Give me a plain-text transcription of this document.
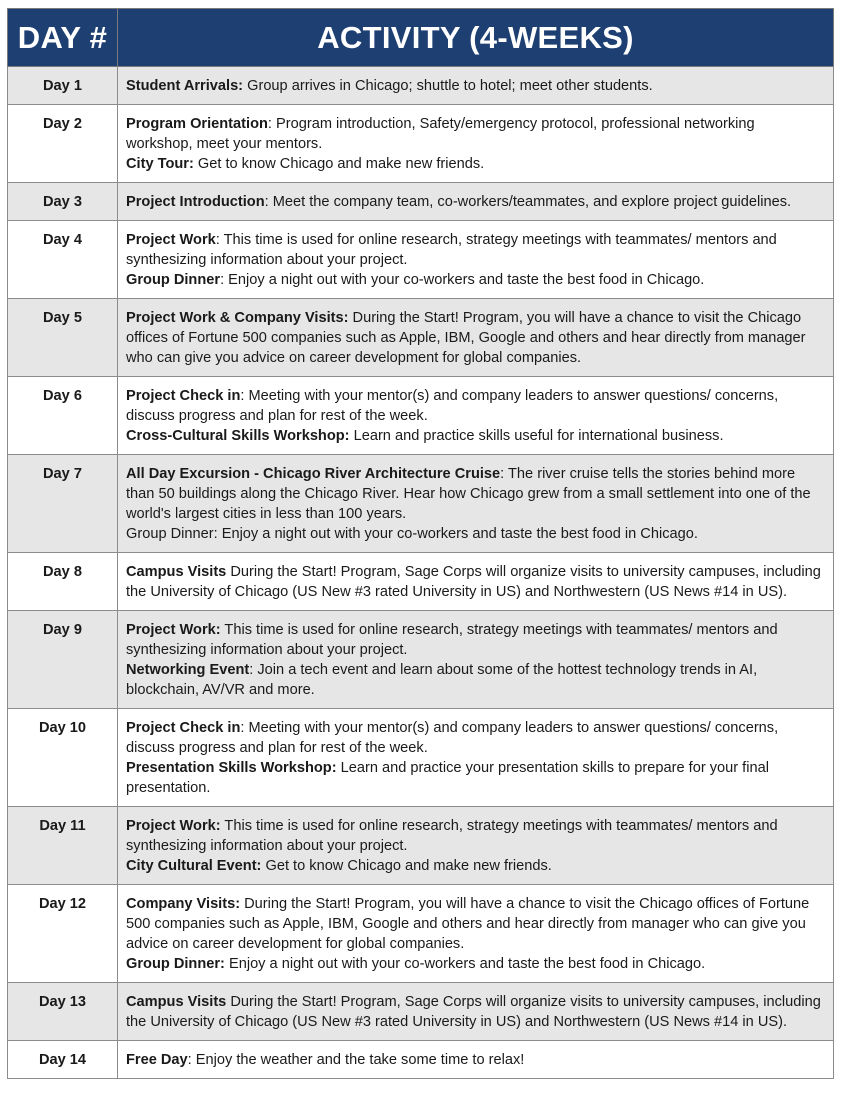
DAY #	ACTIVITY (4-WEEKS)
Day 1	Student Arrivals: Group arrives in Chicago; shuttle to hotel; meet other students.

Day 2	Program Orientation: Program introduction, Safety/emergency protocol, professional networking workshop, meet your mentors.
City Tour: Get to know Chicago and make new friends.

Day 3	Project Introduction: Meet the company team, co-workers/teammates, and explore project guidelines.

Day 4	Project Work: This time is used for online research, strategy meetings with teammates/ mentors and synthesizing information about your project.
Group Dinner: Enjoy a night out with your co-workers and taste the best food in Chicago.

Day 5	Project Work & Company Visits: During the Start! Program, you will have a chance to visit the Chicago offices of Fortune 500 companies such as Apple, IBM, Google and others and hear directly from manager who can give you advice on career development for global companies.

Day 6	Project Check in: Meeting with your mentor(s) and company leaders to answer questions/ concerns, discuss progress and plan for rest of the week.
Cross-Cultural Skills Workshop: Learn and practice skills useful for international business.

Day 7	All Day Excursion - Chicago River Architecture Cruise: The river cruise tells the stories behind more than 50 buildings along the Chicago River. Hear how Chicago grew from a small settlement into one of the world's largest cities in less than 100 years.
Group Dinner: Enjoy a night out with your co-workers and taste the best food in Chicago.

Day 8	Campus Visits During the Start! Program, Sage Corps will organize visits to university campuses, including the University of Chicago (US New #3 rated University in US) and Northwestern (US News #14 in US).

Day 9	Project Work: This time is used for online research, strategy meetings with teammates/ mentors and synthesizing information about your project.
Networking Event: Join a tech event and learn about some of the hottest technology trends in AI, blockchain, AV/VR and more.

Day 10	Project Check in: Meeting with your mentor(s) and company leaders to answer questions/ concerns, discuss progress and plan for rest of the week.
Presentation Skills Workshop: Learn and practice your presentation skills to prepare for your final presentation.

Day 11	Project Work: This time is used for online research, strategy meetings with teammates/ mentors and synthesizing information about your project.
City Cultural Event: Get to know Chicago and make new friends.

Day 12	Company Visits: During the Start! Program, you will have a chance to visit the Chicago offices of Fortune 500 companies such as Apple, IBM, Google and others and hear directly from manager who can give you advice on career development for global companies.
Group Dinner: Enjoy a night out with your co-workers and taste the best food in Chicago.

Day 13	Campus Visits During the Start! Program, Sage Corps will organize visits to university campuses, including the University of Chicago (US New #3 rated University in US) and Northwestern (US News #14 in US).

Day 14	Free Day: Enjoy the weather and the take some time to relax!
